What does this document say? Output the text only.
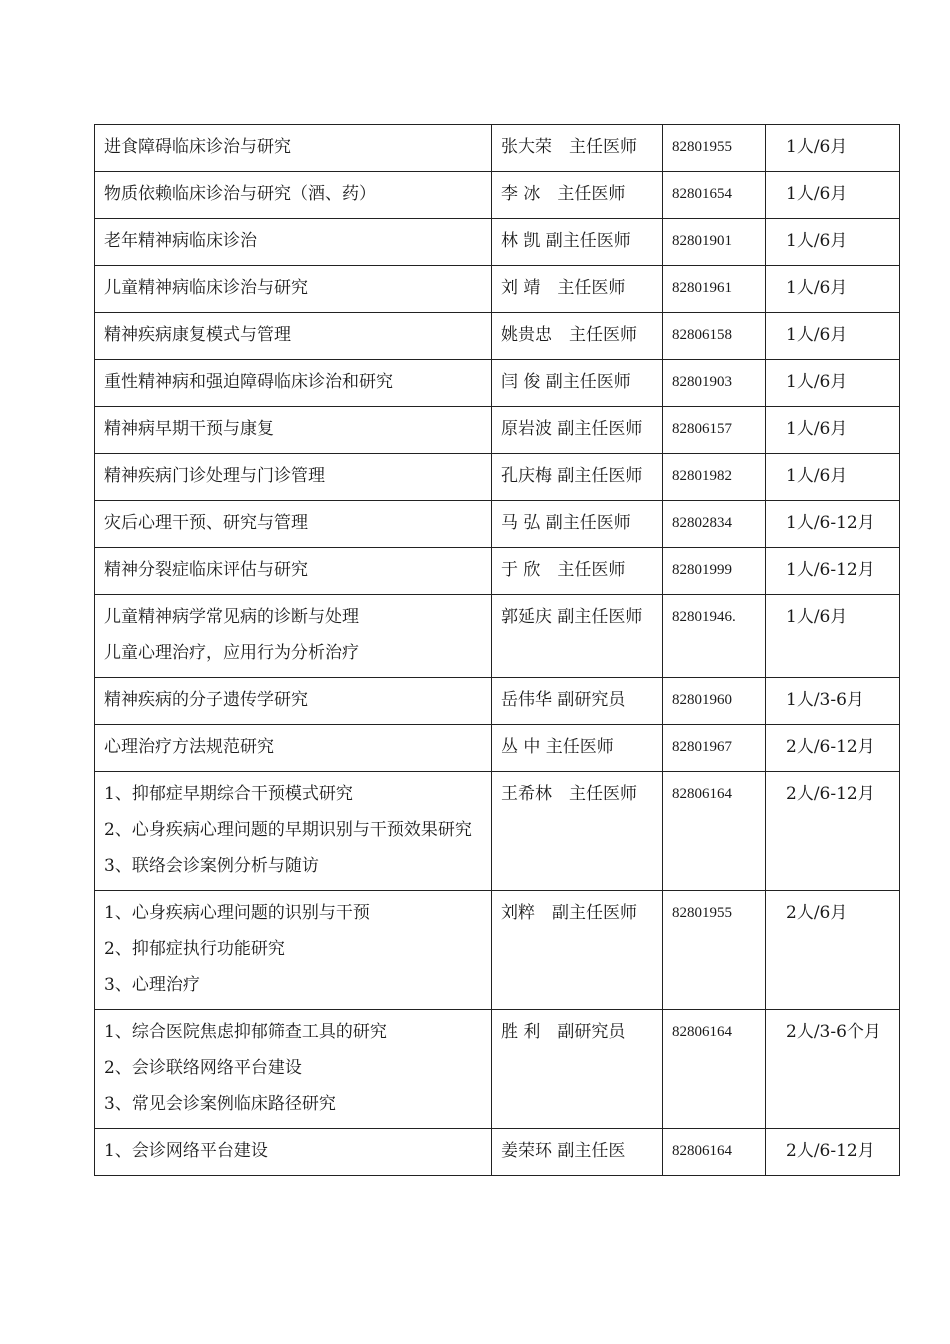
进食障碍临床诊治与研究	张大荣　主任医师	82801955	1人/6月

物质依赖临床诊治与研究（酒、药）	李 冰　主任医师	82801654	1人/6月

老年精神病临床诊治	林 凯 副主任医师	82801901	1人/6月

儿童精神病临床诊治与研究	刘 靖　主任医师	82801961	1人/6月

精神疾病康复模式与管理	姚贵忠　主任医师	82806158	1人/6月

重性精神病和强迫障碍临床诊治和研究	闫 俊 副主任医师	82801903	1人/6月

精神病早期干预与康复	原岩波 副主任医师	82806157	1人/6月

精神疾病门诊处理与门诊管理	孔庆梅 副主任医师	82801982	1人/6月

灾后心理干预、研究与管理	马 弘 副主任医师	82802834	1人/6-12月

精神分裂症临床评估与研究	于 欣　主任医师	82801999	1人/6-12月

儿童精神病学常见病的诊断与处理
儿童心理治疗，应用行为分析治疗	郭延庆 副主任医师	82801946.	1人/6月

精神疾病的分子遗传学研究	岳伟华 副研究员	82801960	1人/3-6月

心理治疗方法规范研究	丛 中 主任医师	82801967	2人/6-12月

1、抑郁症早期综合干预模式研究
2、心身疾病心理问题的早期识别与干预效果研究
3、联络会诊案例分析与随访	王希林　主任医师	82806164	2人/6-12月

1、心身疾病心理问题的识别与干预
2、抑郁症执行功能研究
3、心理治疗	刘粹　副主任医师	82801955	2人/6月

1、综合医院焦虑抑郁筛查工具的研究
2、会诊联络网络平台建设
3、常见会诊案例临床路径研究	胜 利　副研究员	82806164	2人/3-6个月

1、会诊网络平台建设	姜荣环 副主任医	82806164	2人/6-12月
